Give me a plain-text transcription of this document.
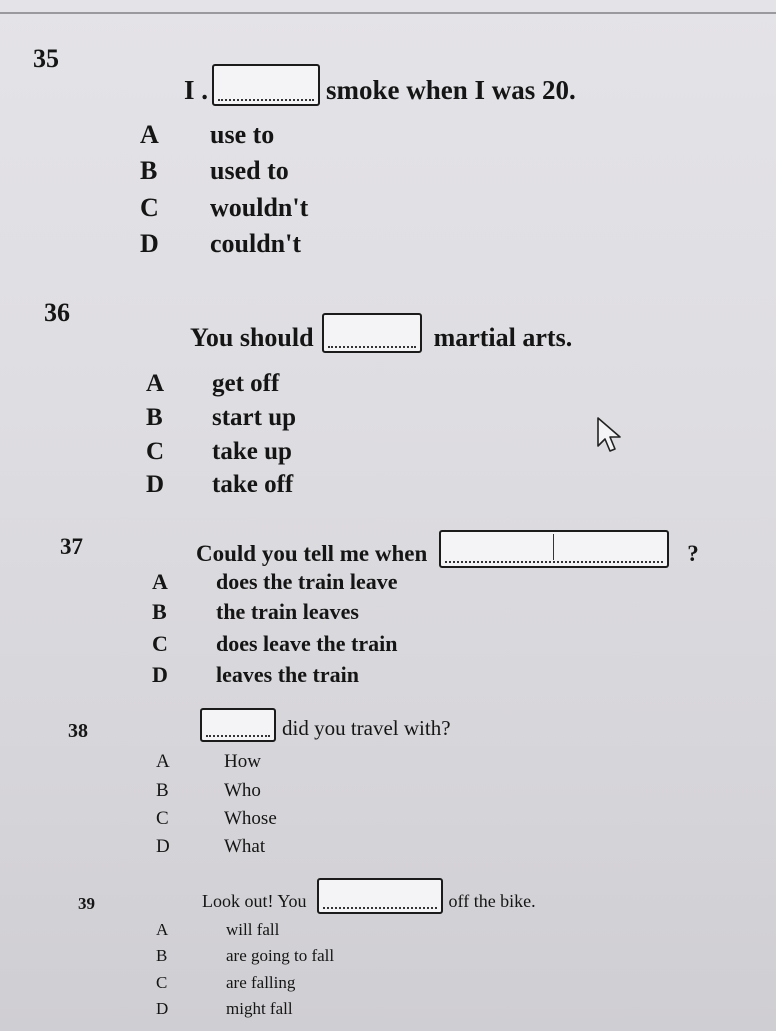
35
I .	smoke when I was 20.
A use to
B used to
C wouldn't
D couldn't
36
You should	martial arts.
A get off
B start up
C take up
D take off
37	Could you tell me when	?
A does the train leave
B the train leaves
C does leave the train
D leaves the train
38	did you travel with?
A	How
B	Who
C	Whose
D	What
39	Look out! You	off the bike.
A	will fall
B	are going to fall
C	are falling
D	might fall
